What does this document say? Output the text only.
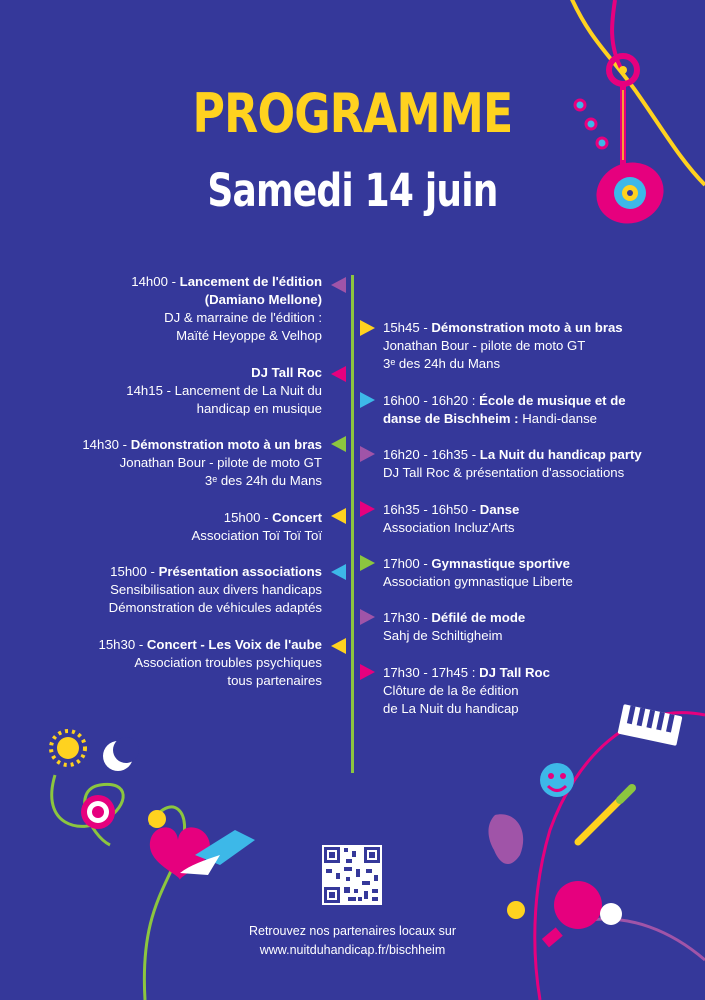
PROGRAMME
Samedi 14 juin
14h00 - Lancement de l'édition
(Damiano Mellone)
DJ & marraine de l'édition :
Maïté Heyoppe & Velhop
DJ Tall Roc
14h15 - Lancement de La Nuit du
handicap en musique
14h30 - Démonstration moto à un bras
Jonathan Bour - pilote de moto GT
3ᵉ des 24h du Mans
15h00 - Concert
Association Toï Toï Toï
15h00 - Présentation associations
Sensibilisation aux divers handicaps
Démonstration de véhicules adaptés
15h30 - Concert - Les Voix de l'aube
Association troubles psychiques
tous partenaires
15h45 - Démonstration moto à un bras
Jonathan Bour - pilote de moto GT
3ᵉ des 24h du Mans
16h00 - 16h20 : École de musique et de
danse de Bischheim : Handi-danse
16h20 - 16h35 - La Nuit du handicap party
DJ Tall Roc & présentation d'associations
16h35 - 16h50 - Danse
Association Incluz'Arts
17h00 - Gymnastique sportive
Association gymnastique Liberte
17h30 - Défilé de mode
Sahj de Schiltigheim
17h30 - 17h45 : DJ Tall Roc
Clôture de la 8e édition
de La Nuit du handicap
Retrouvez nos partenaires locaux sur
www.nuitduhandicap.fr/bischheim
